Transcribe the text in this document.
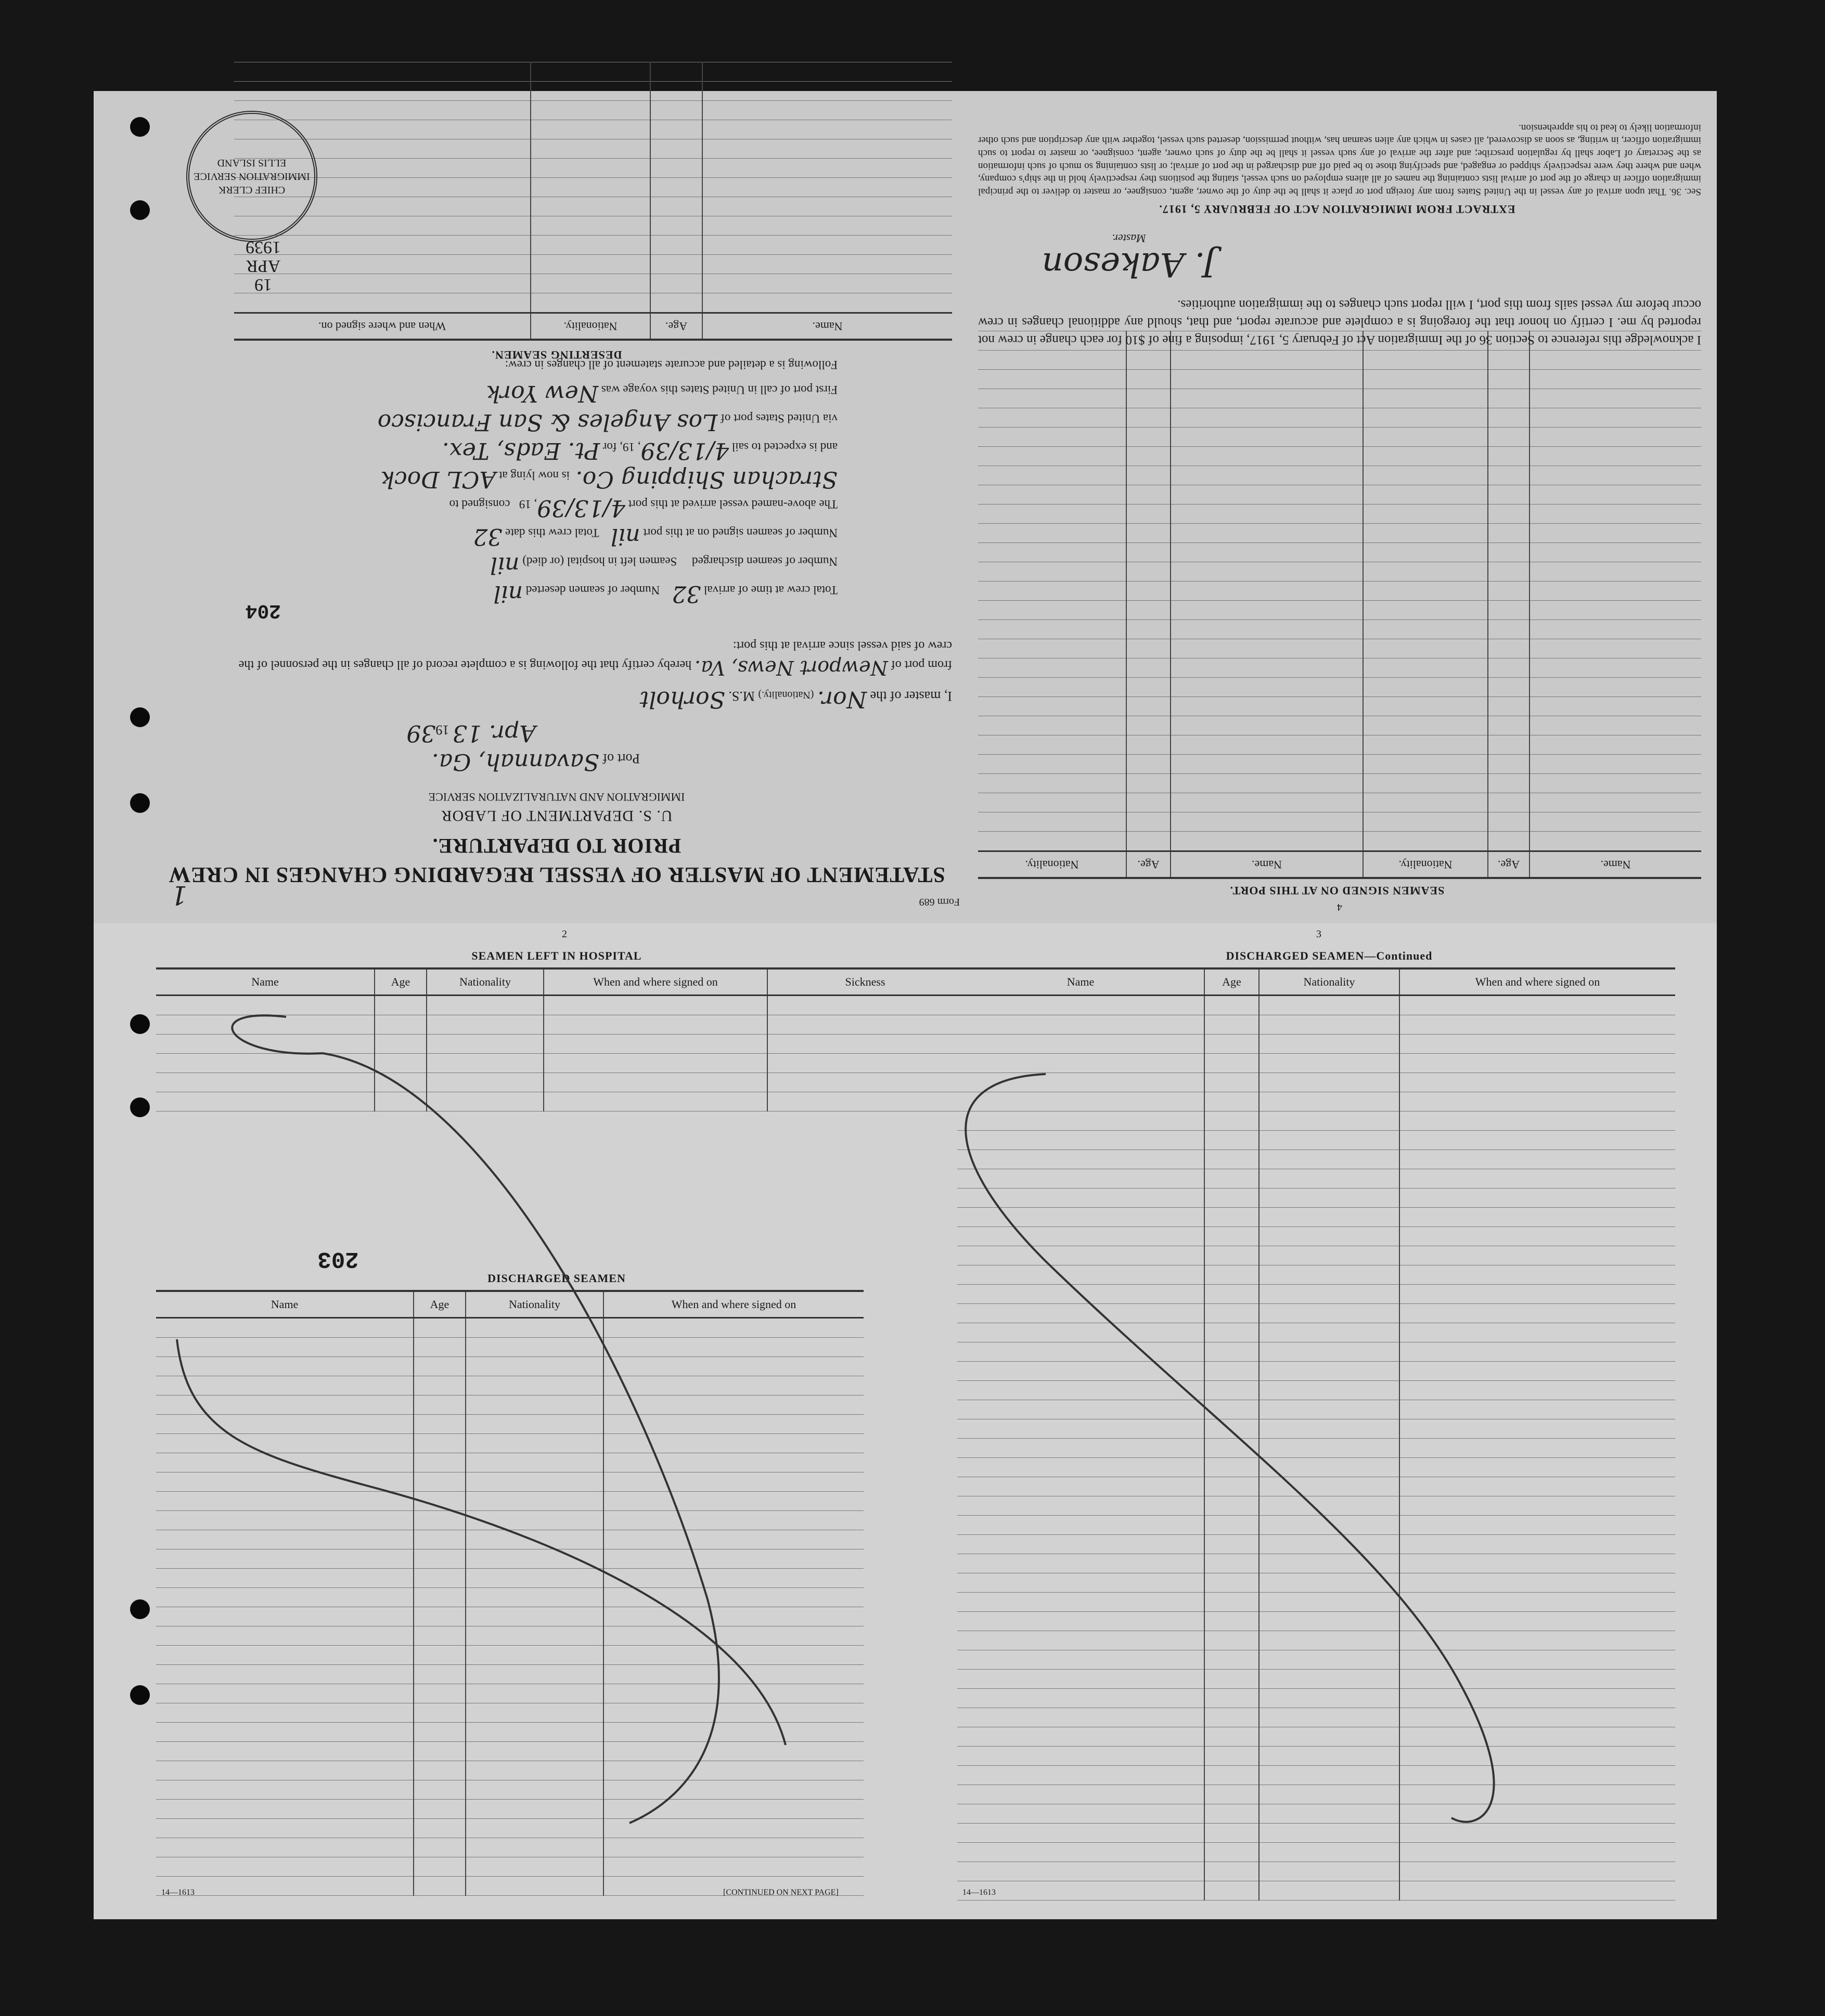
Form 689
1
STATEMENT OF MASTER OF VESSEL REGARDING CHANGES IN CREW
PRIOR TO DEPARTURE.
U. S. DEPARTMENT OF LABOR
IMMIGRATION AND NATURALIZATION SERVICE
Port of Savannah, Ga.
Apr. 13 1939
I, master of the Nor. (Nationality.) M.S. Sorholt
from port of Newport News, Va. hereby certify that the following is a complete record of all changes in the personnel of the crew of said vessel since arrival at this port:
204
Total crew at time of arrival 32    Number of seamen deserted nil
Number of seamen discharged     Seamen left in hospital (or died) nil
Number of seamen signed on at this port nil    Total crew this date 32
The above-named vessel arrived at this port 4/13/39, 19   consigned to
Strachan Shipping Co.  is now lying at ACL Dock
and is expected to sail 4/13/39, 19, for Pt. Eads, Tex.
via United States port of Los Angeles & San Francisco
First port of call in United States this voyage was New York
Following is a detailed and accurate statement of all changes in crew:
DESERTING SEAMEN.
Name.	Age.	Nationality.	When and where signed on.

CHIEF CLERK IMMIGRATION SERVICE ELLIS ISLAND
19
APR
1939
4
SEAMEN SIGNED ON AT THIS PORT.
Name.	Age.	Nationality.	Name.	Age.	Nationality.

I acknowledge this reference to Section 36 of the Immigration Act of February 5, 1917, imposing a fine of $10 for each change in crew not reported by me. I certify on honor that the foregoing is a complete and accurate report, and that, should any additional changes in crew occur before my vessel sails from this port, I will report such changes to the immigration authorities.
J. Aakeson
Master.
EXTRACT FROM IMMIGRATION ACT OF FEBRUARY 5, 1917.
Sec. 36. That upon arrival of any vessel in the United States from any foreign port or place it shall be the duty of the owner, agent, consignee, or master to deliver to the principal immigration officer in charge of the port of arrival lists containing the names of all aliens employed on such vessel, stating the positions they respectively hold in the ship's company, when and where they were respectively shipped or engaged, and specifying those to be paid off and discharged in the port of arrival; or lists containing so much of such information as the Secretary of Labor shall by regulation prescribe; and after the arrival of any such vessel it shall be the duty of such owner, agent, consignee, or master to report to such immigration officer, in writing, as soon as discovered, all cases in which any alien seaman has, without permission, deserted such vessel, together with any description and such other information likely to lead to his apprehension.
2
SEAMEN LEFT IN HOSPITAL
Name	Age	Nationality	When and where signed on	Sickness

203
DISCHARGED SEAMEN
Name	Age	Nationality	When and where signed on

14—1613	[CONTINUED ON NEXT PAGE]
3
DISCHARGED SEAMEN—Continued
Name	Age	Nationality	When and where signed on

14—1613
